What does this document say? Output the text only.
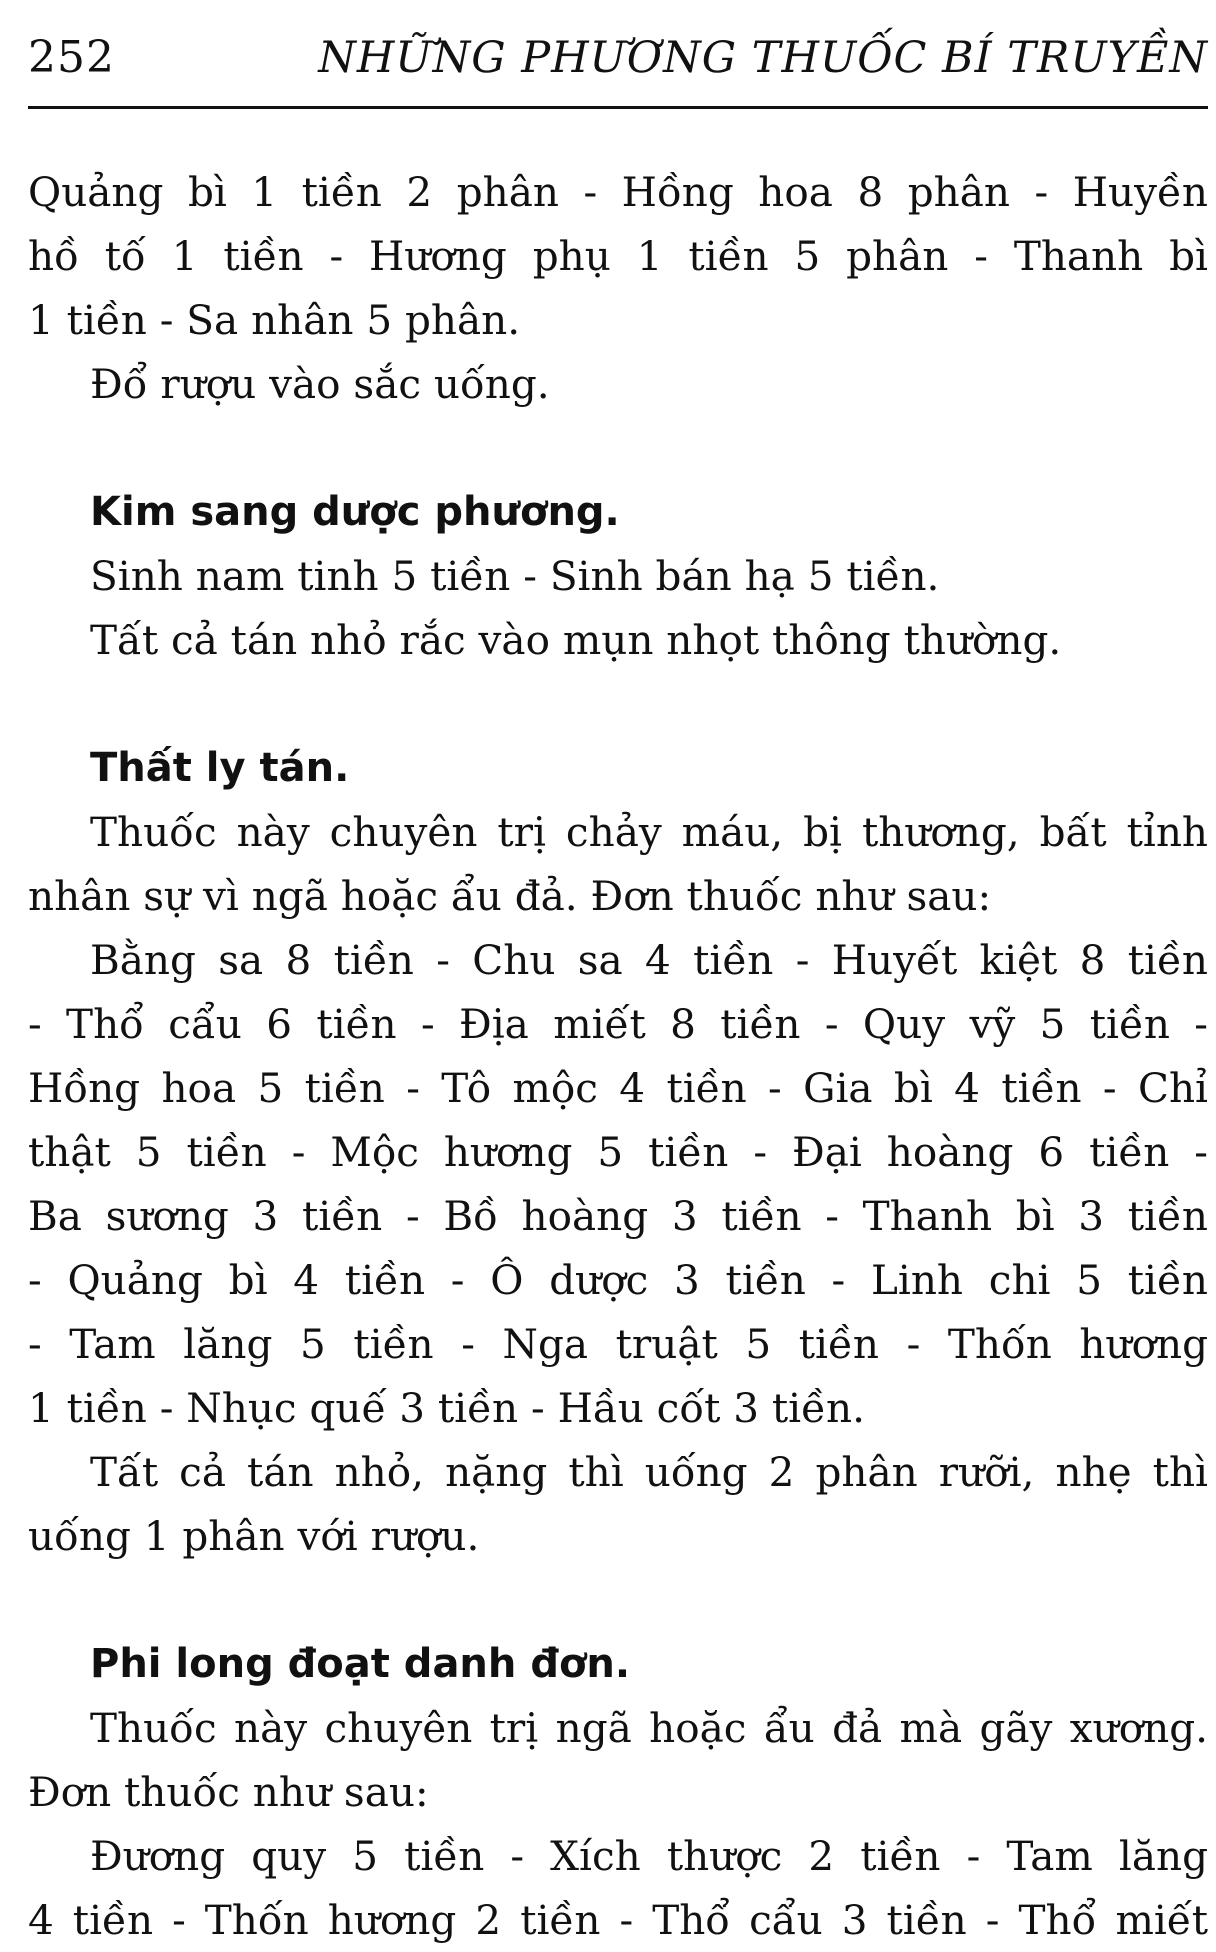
252	NHỮNG PHƯƠNG THUỐC BÍ TRUYỀN
Quảng bì 1 tiền 2 phân - Hồng hoa 8 phân - Huyền
hồ tố 1 tiền - Hương phụ 1 tiền 5 phân - Thanh bì
1 tiền - Sa nhân 5 phân.
Đổ rượu vào sắc uống.
Kim sang dược phương.
Sinh nam tinh 5 tiền - Sinh bán hạ 5 tiền.
Tất cả tán nhỏ rắc vào mụn nhọt thông thường.
Thất ly tán.
Thuốc này chuyên trị chảy máu, bị thương, bất tỉnh
nhân sự vì ngã hoặc ẩu đả. Đơn thuốc như sau:
Bằng sa 8 tiền - Chu sa 4 tiền - Huyết kiệt 8 tiền
- Thổ cẩu 6 tiền - Địa miết 8 tiền - Quy vỹ 5 tiền -
Hồng hoa 5 tiền - Tô mộc 4 tiền - Gia bì 4 tiền - Chỉ
thật 5 tiền - Mộc hương 5 tiền - Đại hoàng 6 tiền -
Ba sương 3 tiền - Bồ hoàng 3 tiền - Thanh bì 3 tiền
- Quảng bì 4 tiền - Ô dược 3 tiền - Linh chi 5 tiền
- Tam lăng 5 tiền - Nga truật 5 tiền - Thốn hương
1 tiền - Nhục quế 3 tiền - Hầu cốt 3 tiền.
Tất cả tán nhỏ, nặng thì uống 2 phân rưỡi, nhẹ thì
uống 1 phân với rượu.
Phi long đoạt danh đơn.
Thuốc này chuyên trị ngã hoặc ẩu đả mà gãy xương.
Đơn thuốc như sau:
Đương quy 5 tiền - Xích thược 2 tiền - Tam lăng
4 tiền - Thốn hương 2 tiền - Thổ cẩu 3 tiền - Thổ miết
